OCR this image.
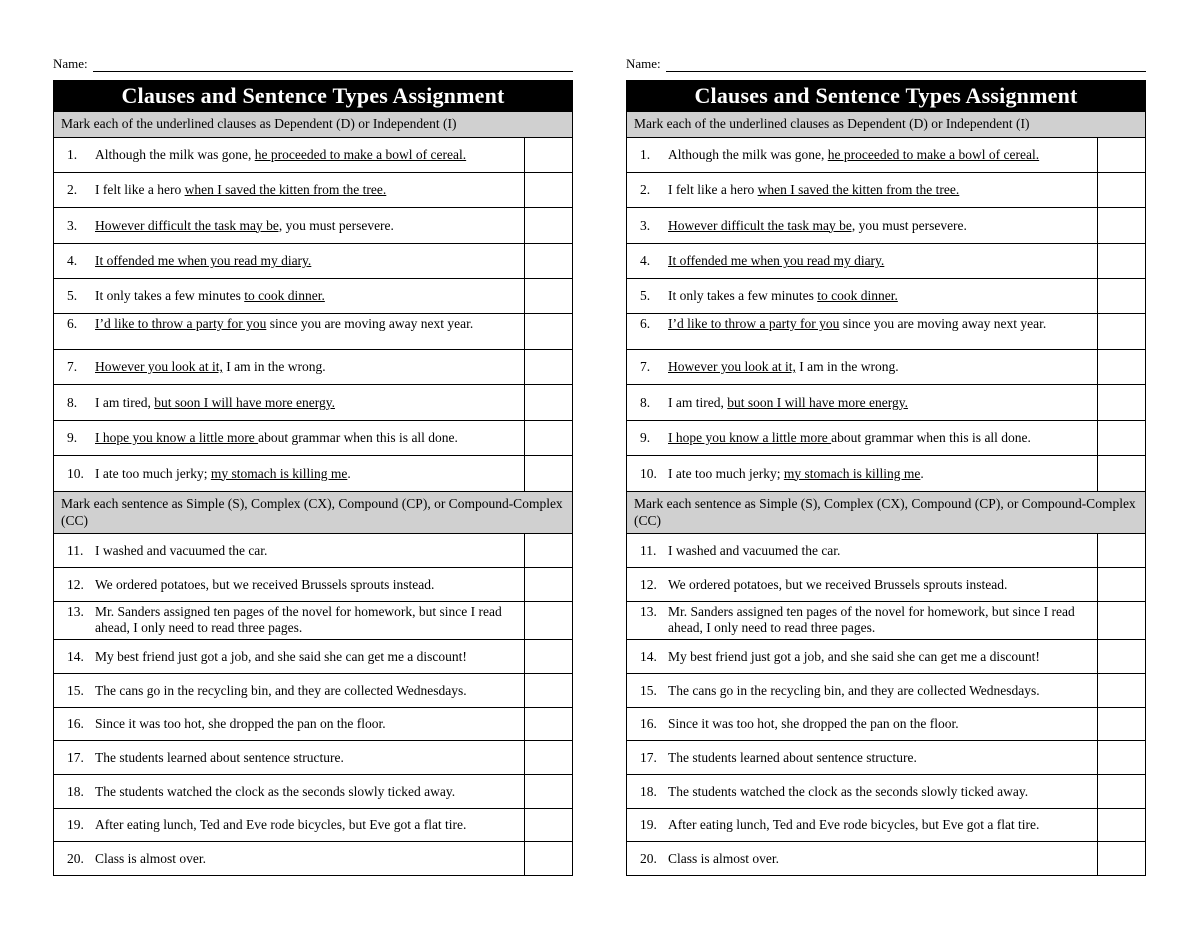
Name:
Clauses and Sentence Types Assignment
Mark each of the underlined clauses as Dependent (D) or Independent (I)
1.	Although the milk was gone, he proceeded to make a bowl of cereal.
2.	I felt like a hero when I saved the kitten from the tree.
3.	However difficult the task may be, you must persevere.
4.	It offended me when you read my diary.
5.	It only takes a few minutes to cook dinner.
6.	I’d like to throw a party for you since you are moving away next year.
7.	However you look at it, I am in the wrong.
8.	I am tired, but soon I will have more energy.
9.	I hope you know a little more about grammar when this is all done.
10. I ate too much jerky; my stomach is killing me.
Mark each sentence as Simple (S), Complex (CX), Compound (CP), or Compound-Complex (CC)
11. I washed and vacuumed the car.
12. We ordered potatoes, but we received Brussels sprouts instead.
13. Mr. Sanders assigned ten pages of the novel for homework, but since I read ahead, I only need to read three pages.
14. My best friend just got a job, and she said she can get me a discount!
15. The cans go in the recycling bin, and they are collected Wednesdays.
16. Since it was too hot, she dropped the pan on the floor.
17. The students learned about sentence structure.
18. The students watched the clock as the seconds slowly ticked away.
19. After eating lunch, Ted and Eve rode bicycles, but Eve got a flat tire.
20. Class is almost over.
Name:
Clauses and Sentence Types Assignment
Mark each of the underlined clauses as Dependent (D) or Independent (I)
1.	Although the milk was gone, he proceeded to make a bowl of cereal.
2.	I felt like a hero when I saved the kitten from the tree.
3.	However difficult the task may be, you must persevere.
4.	It offended me when you read my diary.
5.	It only takes a few minutes to cook dinner.
6.	I’d like to throw a party for you since you are moving away next year.
7.	However you look at it, I am in the wrong.
8.	I am tired, but soon I will have more energy.
9.	I hope you know a little more about grammar when this is all done.
10. I ate too much jerky; my stomach is killing me.
Mark each sentence as Simple (S), Complex (CX), Compound (CP), or Compound-Complex (CC)
11. I washed and vacuumed the car.
12. We ordered potatoes, but we received Brussels sprouts instead.
13. Mr. Sanders assigned ten pages of the novel for homework, but since I read ahead, I only need to read three pages.
14. My best friend just got a job, and she said she can get me a discount!
15. The cans go in the recycling bin, and they are collected Wednesdays.
16. Since it was too hot, she dropped the pan on the floor.
17. The students learned about sentence structure.
18. The students watched the clock as the seconds slowly ticked away.
19. After eating lunch, Ted and Eve rode bicycles, but Eve got a flat tire.
20. Class is almost over.
